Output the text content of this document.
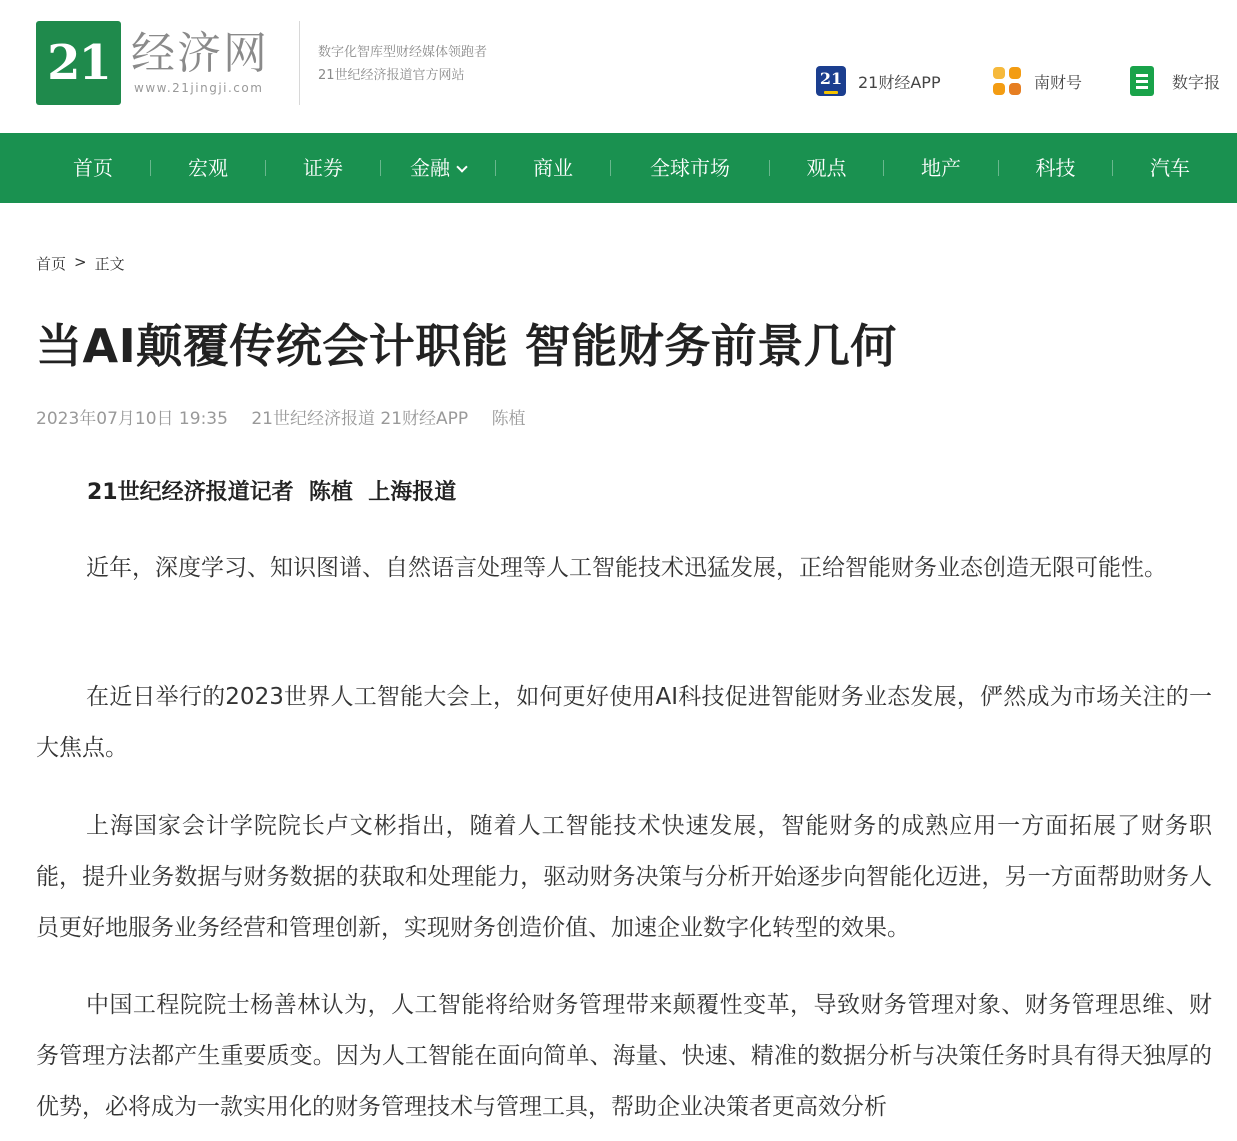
21 经济网
www.21jingji.com
数字化智库型财经媒体领跑者
21世纪经济报道官方网站	21 21财经APP	南财号	数字报
首页	宏观	证券	金融	商业	全球市场	观点	地产	科技	汽车
首页 > 正文
当AI颠覆传统会计职能 智能财务前景几何
2023年07月10日 19:35 21世纪经济报道 21财经APP 陈植
21世纪经济报道记者  陈植  上海报道

近年，深度学习、知识图谱、自然语言处理等人工智能技术迅猛发展，正给智能财务业态创造无限可能性。

在近日举行的2023世界人工智能大会上，如何更好使用AI科技促进智能财务业态发展，俨然成为市场关注的一大焦点。

上海国家会计学院院长卢文彬指出，随着人工智能技术快速发展，智能财务的成熟应用一方面拓展了财务职能，提升业务数据与财务数据的获取和处理能力，驱动财务决策与分析开始逐步向智能化迈进，另一方面帮助财务人员更好地服务业务经营和管理创新，实现财务创造价值、加速企业数字化转型的效果。

中国工程院院士杨善林认为，人工智能将给财务管理带来颠覆性变革，导致财务管理对象、财务管理思维、财务管理方法都产生重要质变。因为人工智能在面向简单、海量、快速、精准的数据分析与决策任务时具有得天独厚的优势，必将成为一款实用化的财务管理技术与管理工具，帮助企业决策者更高效分析
